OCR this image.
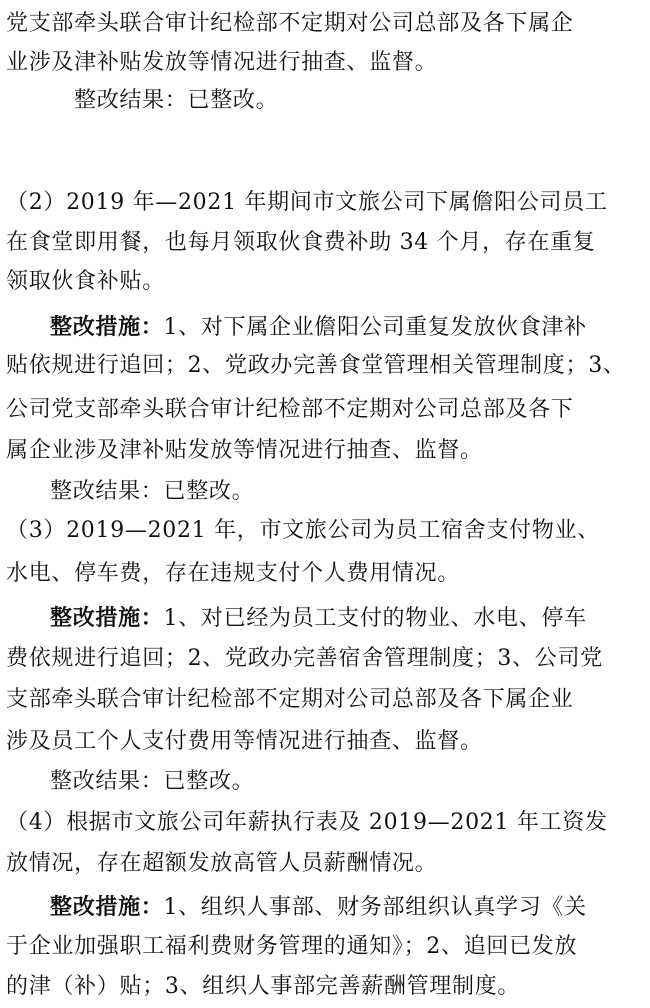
党支部牵头联合审计纪检部不定期对公司总部及各下属企
业涉及津补贴发放等情况进行抽查、监督。
整改结果：已整改。
（2）2019 年—2021 年期间市文旅公司下属儋阳公司员工
在食堂即用餐，也每月领取伙食费补助 34 个月，存在重复
领取伙食补贴。
整改措施：1、对下属企业儋阳公司重复发放伙食津补
贴依规进行追回；2、党政办完善食堂管理相关管理制度；3、
公司党支部牵头联合审计纪检部不定期对公司总部及各下
属企业涉及津补贴发放等情况进行抽查、监督。
整改结果：已整改。
（3）2019—2021 年，市文旅公司为员工宿舍支付物业、
水电、停车费，存在违规支付个人费用情况。
整改措施：1、对已经为员工支付的物业、水电、停车
费依规进行追回；2、党政办完善宿舍管理制度；3、公司党
支部牵头联合审计纪检部不定期对公司总部及各下属企业
涉及员工个人支付费用等情况进行抽查、监督。
整改结果：已整改。
（4）根据市文旅公司年薪执行表及 2019—2021 年工资发
放情况，存在超额发放高管人员薪酬情况。
整改措施：1、组织人事部、财务部组织认真学习《关
于企业加强职工福利费财务管理的通知》；2、追回已发放
的津（补）贴；3、组织人事部完善薪酬管理制度。
